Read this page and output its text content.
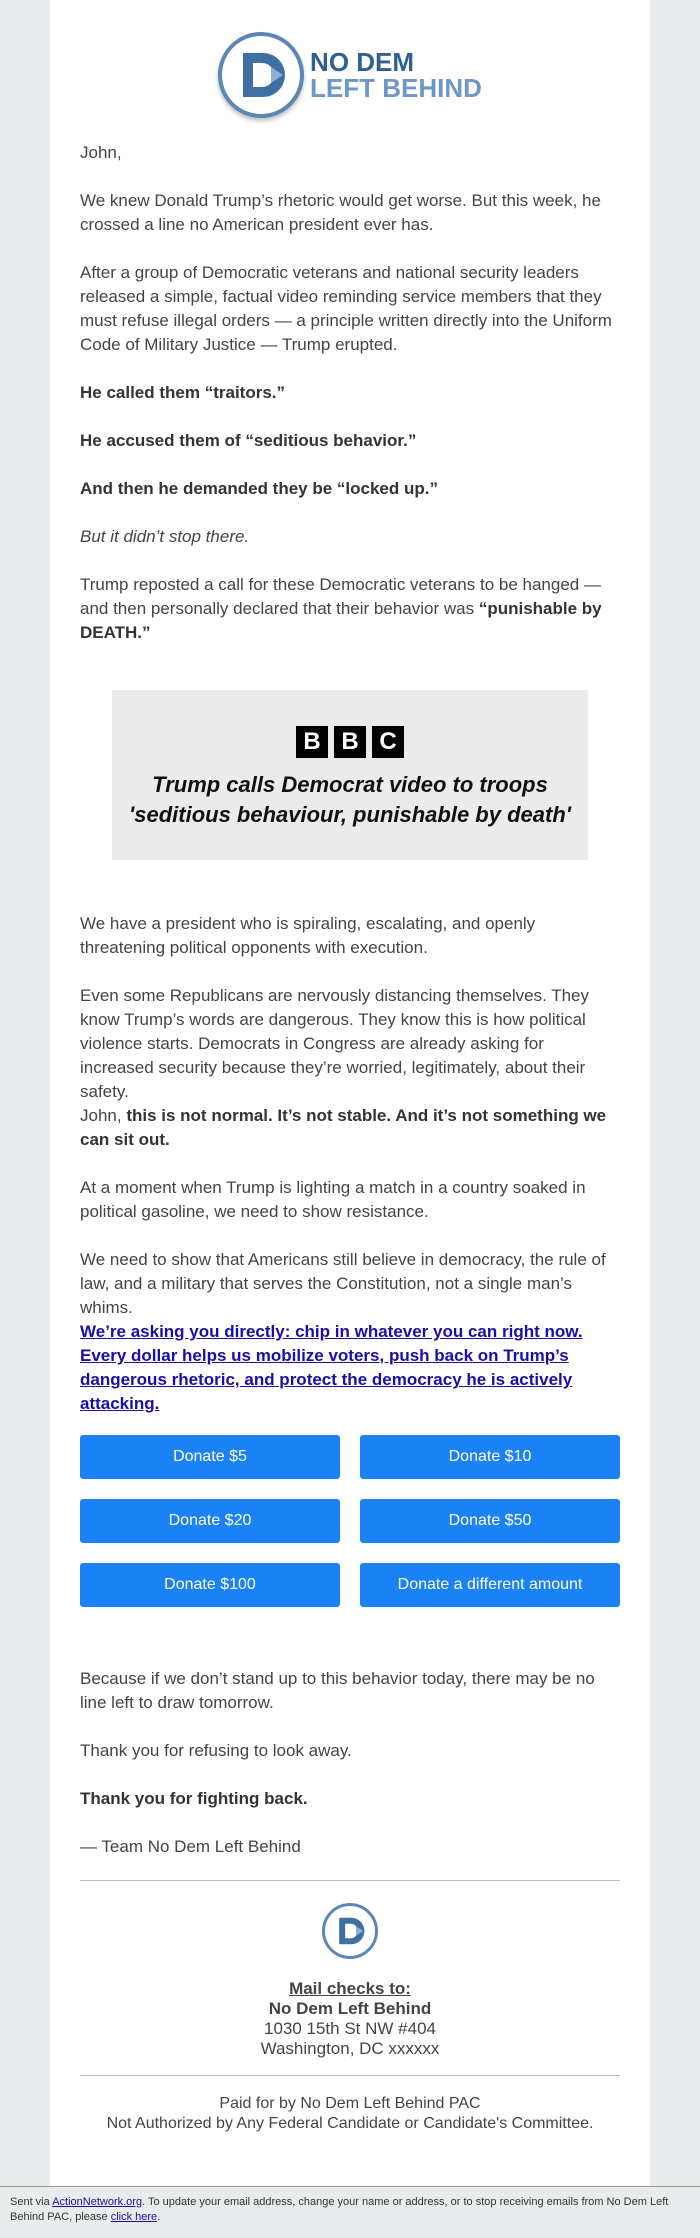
NO DEM
LEFT BEHIND

John,

We knew Donald Trump’s rhetoric would get worse. But this week, he crossed a line no American president ever has.

After a group of Democratic veterans and national security leaders released a simple, factual video reminding service members that they must refuse illegal orders — a principle written directly into the Uniform Code of Military Justice — Trump erupted.

He called them “traitors.”

He accused them of “seditious behavior.”

And then he demanded they be “locked up.”

But it didn’t stop there.

Trump reposted a call for these Democratic veterans to be hanged — and then personally declared that their behavior was “punishable by DEATH.”

B B C
Trump calls Democrat video to troops
'seditious behaviour, punishable by death'

We have a president who is spiraling, escalating, and openly threatening political opponents with execution.

Even some Republicans are nervously distancing themselves. They know Trump’s words are dangerous. They know this is how political violence starts. Democrats in Congress are already asking for increased security because they’re worried, legitimately, about their safety.

John, this is not normal. It’s not stable. And it’s not something we can sit out.

At a moment when Trump is lighting a match in a country soaked in political gasoline, we need to show resistance.

We need to show that Americans still believe in democracy, the rule of law, and a military that serves the Constitution, not a single man’s whims.

We’re asking you directly: chip in whatever you can right now. Every dollar helps us mobilize voters, push back on Trump’s dangerous rhetoric, and protect the democracy he is actively attacking.

Donate $5	Donate $10
Donate $20	Donate $50
Donate $100	Donate a different amount

Because if we don’t stand up to this behavior today, there may be no line left to draw tomorrow.

Thank you for refusing to look away.

Thank you for fighting back.

— Team No Dem Left Behind

Mail checks to:
No Dem Left Behind
1030 15th St NW #404
Washington, DC xxxxxx
Paid for by No Dem Left Behind PAC
Not Authorized by Any Federal Candidate or Candidate's Committee.
Sent via ActionNetwork.org. To update your email address, change your name or address, or to stop receiving emails from No Dem Left Behind PAC, please click here.
